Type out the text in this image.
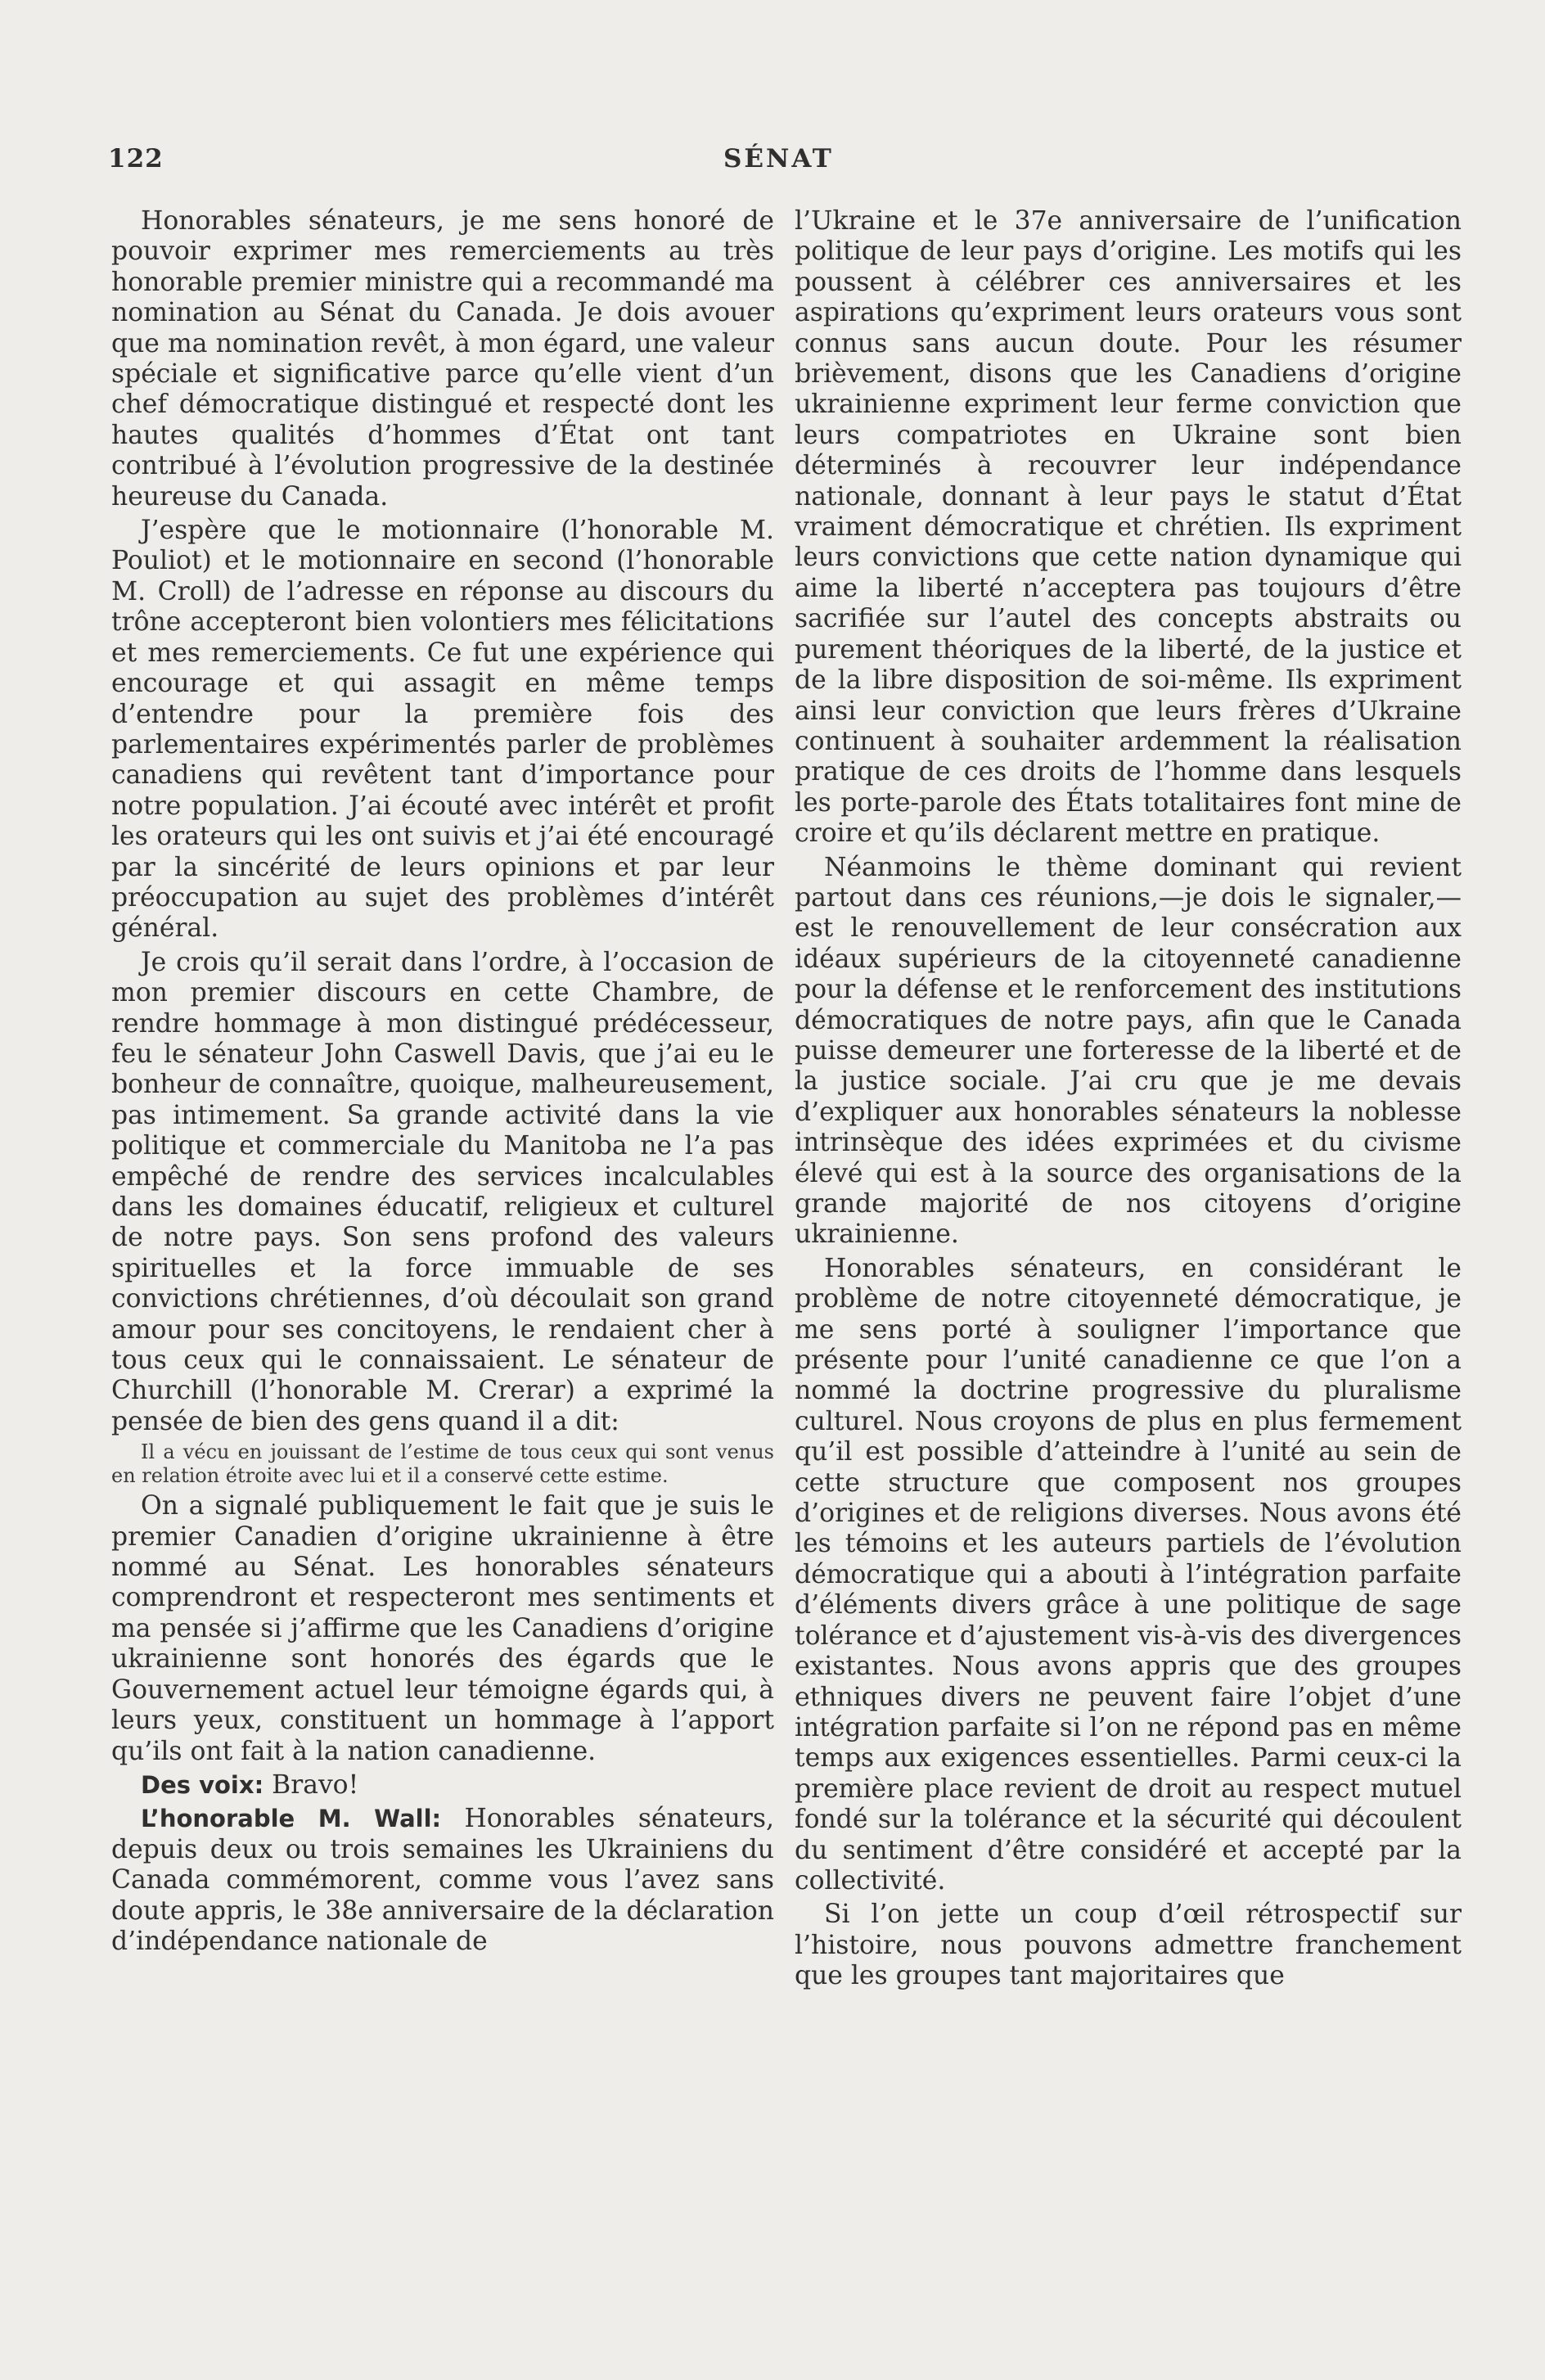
122	SÉNAT

Honorables sénateurs, je me sens honoré de pouvoir exprimer mes remerciements au très honorable premier ministre qui a recommandé ma nomination au Sénat du Canada. Je dois avouer que ma nomination revêt, à mon égard, une valeur spéciale et significative parce qu’elle vient d’un chef démocratique distingué et respecté dont les hautes qualités d’hommes d’État ont tant contribué à l’évolution progressive de la destinée heureuse du Canada.

J’espère que le motionnaire (l’honorable M. Pouliot) et le motionnaire en second (l’honorable M. Croll) de l’adresse en réponse au discours du trône accepteront bien volontiers mes félicitations et mes remerciements. Ce fut une expérience qui encourage et qui assagit en même temps d’entendre pour la première fois des parlementaires expérimentés parler de problèmes canadiens qui revêtent tant d’importance pour notre population. J’ai écouté avec intérêt et profit les orateurs qui les ont suivis et j’ai été encouragé par la sincérité de leurs opinions et par leur préoccupation au sujet des problèmes d’intérêt général.

Je crois qu’il serait dans l’ordre, à l’occasion de mon premier discours en cette Chambre, de rendre hommage à mon distingué prédécesseur, feu le sénateur John Caswell Davis, que j’ai eu le bonheur de connaître, quoique, malheureusement, pas intimement. Sa grande activité dans la vie politique et commerciale du Manitoba ne l’a pas empêché de rendre des services incalculables dans les domaines éducatif, religieux et culturel de notre pays. Son sens profond des valeurs spirituelles et la force immuable de ses convictions chrétiennes, d’où découlait son grand amour pour ses concitoyens, le rendaient cher à tous ceux qui le connaissaient. Le sénateur de Churchill (l’honorable M. Crerar) a exprimé la pensée de bien des gens quand il a dit:

Il a vécu en jouissant de l’estime de tous ceux qui sont venus en relation étroite avec lui et il a conservé cette estime.

On a signalé publiquement le fait que je suis le premier Canadien d’origine ukrainienne à être nommé au Sénat. Les honorables sénateurs comprendront et respecteront mes sentiments et ma pensée si j’affirme que les Canadiens d’origine ukrainienne sont honorés des égards que le Gouvernement actuel leur témoigne égards qui, à leurs yeux, constituent un hommage à l’apport qu’ils ont fait à la nation canadienne.

Des voix: Bravo!

L’honorable M. Wall: Honorables sénateurs, depuis deux ou trois semaines les Ukrainiens du Canada commémorent, comme vous l’avez sans doute appris, le 38e anniversaire de la déclaration d’indépendance nationale de

l’Ukraine et le 37e anniversaire de l’unification politique de leur pays d’origine. Les motifs qui les poussent à célébrer ces anniversaires et les aspirations qu’expriment leurs orateurs vous sont connus sans aucun doute. Pour les résumer brièvement, disons que les Canadiens d’origine ukrainienne expriment leur ferme conviction que leurs compatriotes en Ukraine sont bien déterminés à recouvrer leur indépendance nationale, donnant à leur pays le statut d’État vraiment démocratique et chrétien. Ils expriment leurs convictions que cette nation dynamique qui aime la liberté n’acceptera pas toujours d’être sacrifiée sur l’autel des concepts abstraits ou purement théoriques de la liberté, de la justice et de la libre disposition de soi-même. Ils expriment ainsi leur conviction que leurs frères d’Ukraine continuent à souhaiter ardemment la réalisation pratique de ces droits de l’homme dans lesquels les porte-parole des États totalitaires font mine de croire et qu’ils déclarent mettre en pratique.

Néanmoins le thème dominant qui revient partout dans ces réunions,—je dois le signaler,—est le renouvellement de leur consécration aux idéaux supérieurs de la citoyenneté canadienne pour la défense et le renforcement des institutions démocratiques de notre pays, afin que le Canada puisse demeurer une forteresse de la liberté et de la justice sociale. J’ai cru que je me devais d’expliquer aux honorables sénateurs la noblesse intrinsèque des idées exprimées et du civisme élevé qui est à la source des organisations de la grande majorité de nos citoyens d’origine ukrainienne.

Honorables sénateurs, en considérant le problème de notre citoyenneté démocratique, je me sens porté à souligner l’importance que présente pour l’unité canadienne ce que l’on a nommé la doctrine progressive du pluralisme culturel. Nous croyons de plus en plus fermement qu’il est possible d’atteindre à l’unité au sein de cette structure que composent nos groupes d’origines et de religions diverses. Nous avons été les témoins et les auteurs partiels de l’évolution démocratique qui a abouti à l’intégration parfaite d’éléments divers grâce à une politique de sage tolérance et d’ajustement vis-à-vis des divergences existantes. Nous avons appris que des groupes ethniques divers ne peuvent faire l’objet d’une intégration parfaite si l’on ne répond pas en même temps aux exigences essentielles. Parmi ceux-ci la première place revient de droit au respect mutuel fondé sur la tolérance et la sécurité qui découlent du sentiment d’être considéré et accepté par la collectivité.

Si l’on jette un coup d’œil rétrospectif sur l’histoire, nous pouvons admettre franchement que les groupes tant majoritaires que
